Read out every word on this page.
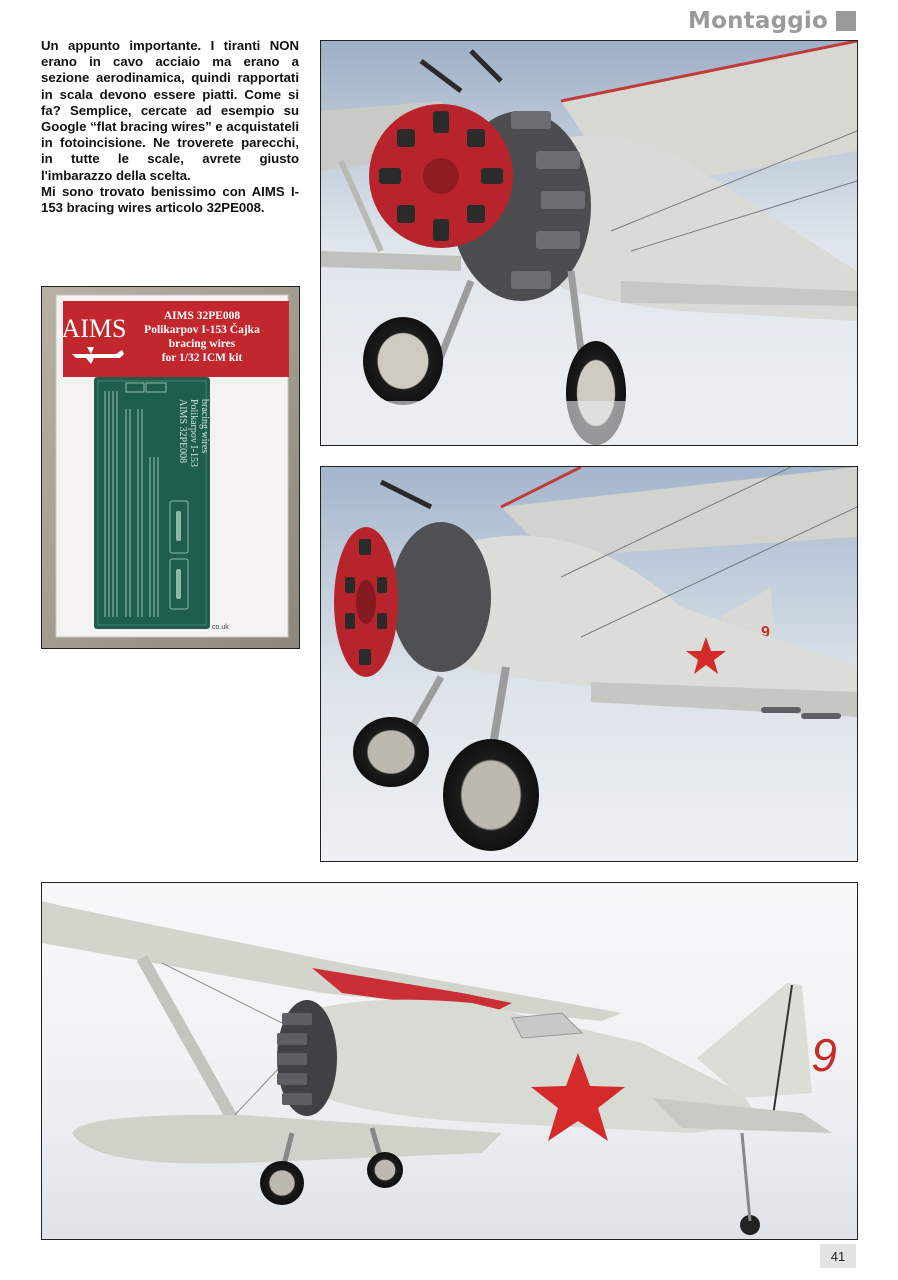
Montaggio

Un appunto importante. I tiranti NON erano in cavo acciaio ma erano a sezione aerodinamica, quindi rapportati in scala devono essere piatti. Come si fa? Semplice, cercate ad esempio su Google “flat bracing wires” e acquistateli in fotoincisione. Ne troverete parecchi, in tutte le scale, avrete giusto l'imbarazzo della scelta.

Mi sono trovato benissimo con AIMS I-153 bracing wires articolo 32PE008.

AIMS	AIMS 32PE008
Polikarpov I-153 Čajka
bracing wires
for 1/32 ICM kit
AIMS 32PE008 Polikarpov I-153 bracing wires
co.uk	9
9
41
